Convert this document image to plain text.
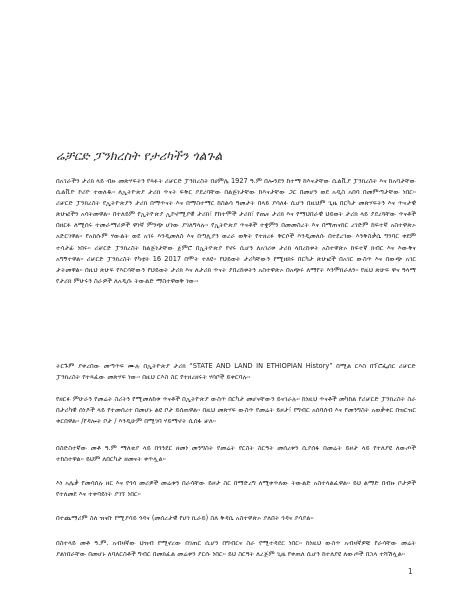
ሬቻርድ ፓንክረስት የታሪካችን ጎልጉል

በአገራችን ታሪክ ላይ ብዙ መጽሃፍትን የጻፉት ሪቻርድ ፓንክረስት በሀምሌ 1927 ዓ.ም በሎንደን ከተማ ከእናታቸው ሲልቪያ ፓንክረስት እና ከአባታቸው ሲልቪዮ ኮሪዮ ተወለዱ። ለኢትዮጵያ ታሪክ ጥናት ፍቅር ያደረባቸው በልጅነታቸው ከእናታቸው ጋር በመሆን ወደ አዲስ አበባ በመምጣታቸው ነበር። ሪቻርድ ፓንክረስት የኢትዮጵያን ታሪክ በማጥናት እና በማስተማር ከስልሳ ዓመታት በላይ ያሳለፉ ሲሆን በዚህም ጊዜ በርካታ መጽሃፍትን እና ጥናታዊ ጽሁፎችን አሳትመዋል። በተለይም የኢትዮጵያ ኢኮኖሚያዊ ታሪክ፣ የከተሞች ታሪክ፣ የጤና ታሪክ እና የማህበራዊ ህይወት ታሪክ ላይ ያደረጓቸው ጥናቶች በዘርፉ ለሚሰሩ ተመራማሪዎች ዋነኛ ምንጭ ሆነው ያገለግላሉ። የኢትዮጵያ ጥናቶች ተቋምን በመመስረት እና በማጠናከር ረገድም ከፍተኛ አስተዋጽኦ አድርገዋል። የአክሱም ሃውልት ወደ አገሩ እንዲመለስ እና በጣሊያን ወረራ ወቅት የተዘረፉ ቅርሶች እንዲመለሱ በተደረገው እንቅስቃሴ ግንባር ቀደም ተሳታፊ ነበሩ። ሪቻርድ ፓንክረስት ከልጅነታቸው ጀምሮ በኢትዮጵያ የኖሩ ሲሆን ለአገሪቱ ታሪክ ላበረከቱት አስተዋጽኦ ከፍተኛ ክብር እና እውቅና አግኝተዋል። ሪቻርድ ፓንክረስት የካቲት 16 2017 በሞት ተለዩ። የህይወት ታሪካቸውን የሚዘክሩ በርካታ ጽሁፎች በአገር ውስጥ እና በውጭ አገር ታትመዋል። በዚህ ጽሁፍ የእርሳቸውን የህይወት ታሪክ እና ለታሪክ ጥናት ያበረከቱትን አስተዋጽኦ በአጭሩ ለማየት እንሞክራለን። የዚህ ጽሁፍ ዋና ዓላማ የታሪክ ምሁሩን ስራዎች ለአዲሱ ትውልድ ማስተዋወቅ ነው።

ትርጉም ያቀረበው መጣጥፍ ሙሉ በኢትዮጵያ ታሪክ “STATE AND LAND IN ETHIOPIAN History” በሚል ርእስ በፕሮፌሰር ሪቻርድ ፓንክረስት የተጻፈው መጽሃፍ ነው። በዚህ ርእስ ስር የተዘረዘሩት ሃሳቦች ይቀርባሉ።

የዘርፉ ምሁራን የመሬት ስሪትን የሚመለከቱ ጥናቶች በኢትዮጵያ ውስጥ በርካታ መሆናቸውን ይናገራሉ። ከነዚህ ጥናቶች መካከል የሪቻርድ ፓንክረስት ስራ በታሪካዊ ሰነዶች ላይ የተመሰረተ በመሆኑ ልዩ ቦታ ይሰጠዋል። በዚህ መጽሃፍ ውስጥ የመሬት ይዞታ፣ የግብር አሰባሰብ እና የመንግስት አወቃቀር በዝርዝር ቀርበዋል። /የዳሎት ቦታ / እንዲሁም በሚገባ ሃይማኖት ሲሰፋ ቻለ።

በስድስተኛው መቶ ዓ.ም ማለቂያ ላይ በጎንደር ዘመነ መንግስት የመሬት የርስት ስርዓት መሰረቱን ሲያሰፋ በመሬት ይዞታ ላይ የተለያዩ ለውጦች ተከስተዋል። ይህም ለበርካታ ዘመናት ቀጥሏል።

እነ አሌቃ የመሳሰሉ ዘር እና የጎሳ መሪዎች መሬቱን በራሳቸው ይዞታ ስር በማድረግ ለሚቀጥለው ትውልድ አስተላልፈዋል። ይህ ልማድ በብዙ ቦታዎች የተለመደ እና ተቀባይነት ያገኘ ነበር።

በተጨማሪም ስለ ዝናቡ የሚያሳይ ጎዳና (መሰረታዊ የሆነ ኪራይ) ስለ ቅዳሴ አስተዋጽኦ ያለበት ጎዳና ያሳያል።

በስተላይ መቶ ዓ.ም. አብዛኛው ህዝብ የሚኖረው በገጠር ሲሆን በግብርና ስራ የሚተዳደር ነበር። ከነዚህ ውስጥ አብዛኛዎቹ የራሳቸው መሬት ያልነበራቸው በመሆኑ ለባለርስቶች ግብር በመክፈል መሬቱን ያርሱ ነበር። ይህ ስርዓት ለረጅም ጊዜ የቀጠለ ሲሆን ከተለያዩ ለውጦች በኋላ ተሻሽሏል።

1
